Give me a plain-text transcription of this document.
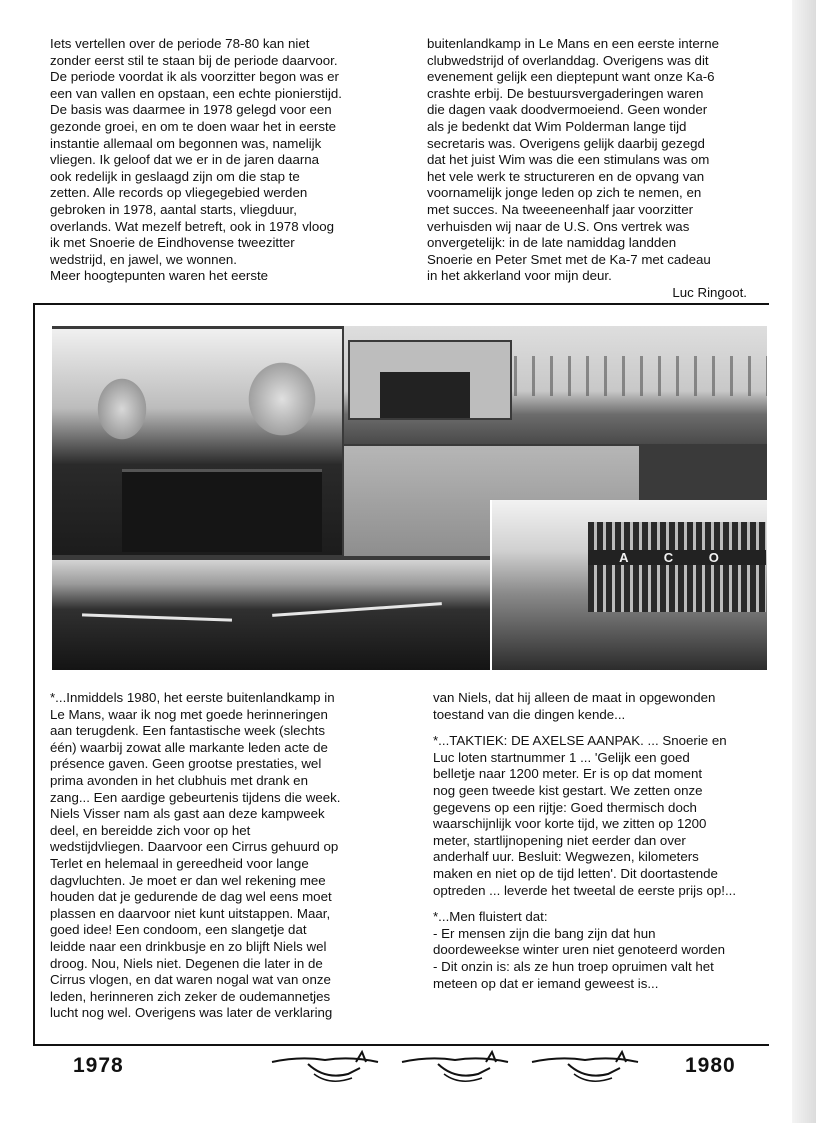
Iets vertellen over de periode 78-80 kan niet
zonder eerst stil te staan bij de periode daarvoor.
De periode voordat ik als voorzitter begon was er
een van vallen en opstaan, een echte pionierstijd.
De basis was daarmee in 1978 gelegd voor een
gezonde groei, en om te doen waar het in eerste
instantie allemaal om begonnen was, namelijk
vliegen. Ik geloof dat we er in de jaren daarna
ook redelijk in geslaagd zijn om die stap te
zetten. Alle records op vliegegebied werden
gebroken in 1978, aantal starts, vliegduur,
overlands. Wat mezelf betreft, ook in 1978 vloog
ik met Snoerie de Eindhovense tweezitter
wedstrijd, en jawel, we wonnen.
Meer hoogtepunten waren het eerste

buitenlandkamp in Le Mans en een eerste interne
clubwedstrijd of overlanddag. Overigens was dit
evenement gelijk een dieptepunt want onze Ka-6
crashte erbij. De bestuursvergaderingen waren
die dagen vaak doodvermoeiend. Geen wonder
als je bedenkt dat Wim Polderman lange tijd
secretaris was. Overigens gelijk daarbij gezegd
dat het juist Wim was die een stimulans was om
het vele werk te structureren en de opvang van
voornamelijk jonge leden op zich te nemen, en
met succes. Na tweeeneenhalf jaar voorzitter
verhuisden wij naar de U.S. Ons vertrek was
onvergetelijk: in de late namiddag landden
Snoerie en Peter Smet met de Ka-7 met cadeau
in het akkerland voor mijn deur.

Luc Ringoot.

A C O

*...Inmiddels 1980, het eerste buitenlandkamp in
Le Mans, waar ik nog met goede herinneringen
aan terugdenk. Een fantastische week (slechts
één) waarbij zowat alle markante leden acte de
présence gaven. Geen grootse prestaties, wel
prima avonden in het clubhuis met drank en
zang... Een aardige gebeurtenis tijdens die week.
Niels Visser nam als gast aan deze kampweek
deel, en bereidde zich voor op het
wedstijdvliegen. Daarvoor een Cirrus gehuurd op
Terlet en helemaal in gereedheid voor lange
dagvluchten. Je moet er dan wel rekening mee
houden dat je gedurende de dag wel eens moet
plassen en daarvoor niet kunt uitstappen. Maar,
goed idee! Een condoom, een slangetje dat
leidde naar een drinkbusje en zo blijft Niels wel
droog. Nou, Niels niet. Degenen die later in de
Cirrus vlogen, en dat waren nogal wat van onze
leden, herinneren zich zeker de oudemannetjes
lucht nog wel. Overigens was later de verklaring

van Niels, dat hij alleen de maat in opgewonden
toestand van die dingen kende...

*...TAKTIEK: DE AXELSE AANPAK. ... Snoerie en
Luc loten startnummer 1 ... 'Gelijk een goed
belletje naar 1200 meter. Er is op dat moment
nog geen tweede kist gestart. We zetten onze
gegevens op een rijtje: Goed thermisch doch
waarschijnlijk voor korte tijd, we zitten op 1200
meter, startlijnopening niet eerder dan over
anderhalf uur. Besluit: Wegwezen, kilometers
maken en niet op de tijd letten'. Dit doortastende
optreden ... leverde het tweetal de eerste prijs op!...

*...Men fluistert dat:
- Er mensen zijn die bang zijn dat hun
doordeweekse winter uren niet genoteerd worden
- Dit onzin is: als ze hun troep opruimen valt het
meteen op dat er iemand geweest is...

1978	1980
